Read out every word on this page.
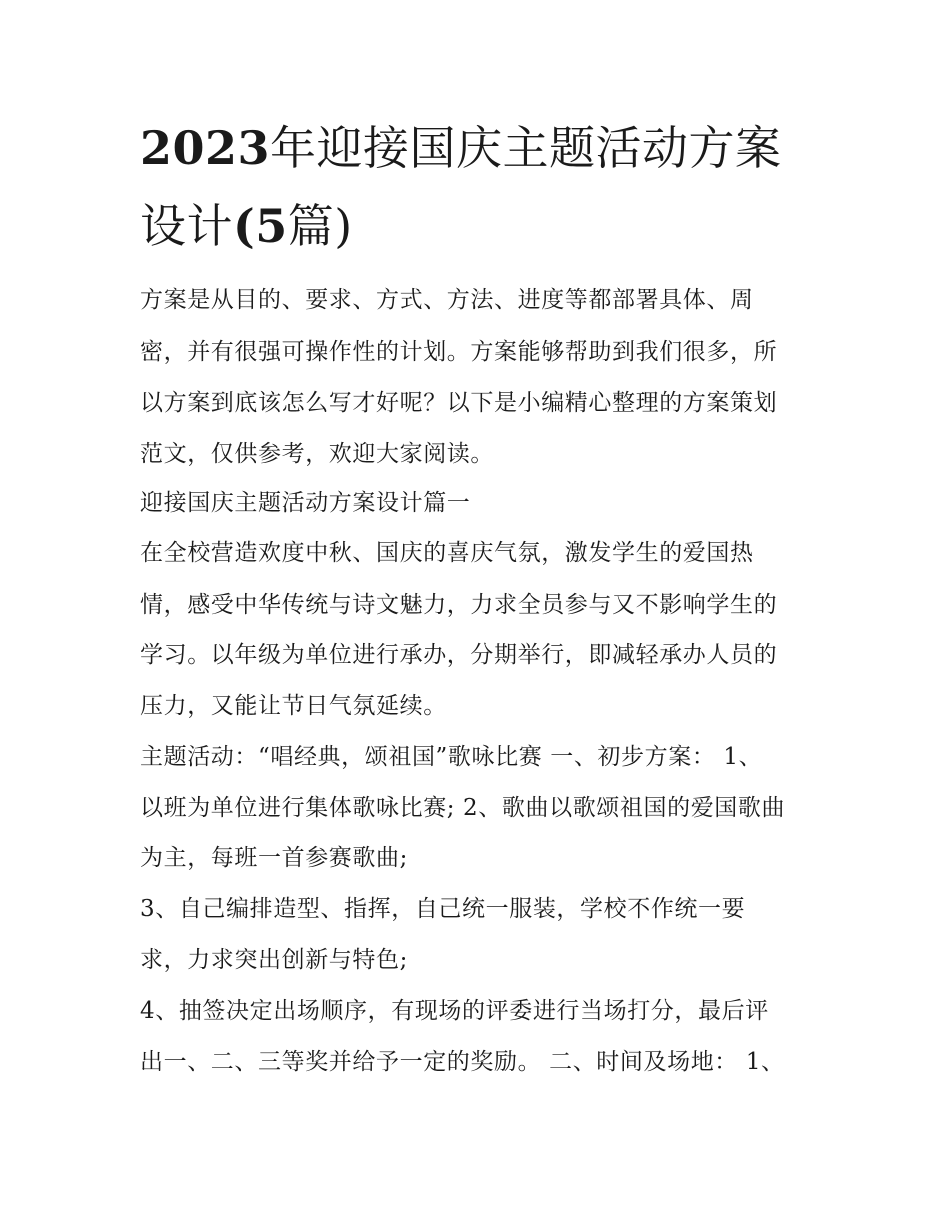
2023年迎接国庆主题活动方案
设计(5篇)
方案是从目的、要求、方式、方法、进度等都部署具体、周
密，并有很强可操作性的计划。方案能够帮助到我们很多，所
以方案到底该怎么写才好呢？以下是小编精心整理的方案策划
范文，仅供参考，欢迎大家阅读。
迎接国庆主题活动方案设计篇一
在全校营造欢度中秋、国庆的喜庆气氛，激发学生的爱国热
情，感受中华传统与诗文魅力，力求全员参与又不影响学生的
学习。以年级为单位进行承办，分期举行，即减轻承办人员的
压力，又能让节日气氛延续。
主题活动：“唱经典，颂祖国”歌咏比赛 一、初步方案： 1、
以班为单位进行集体歌咏比赛; 2、歌曲以歌颂祖国的爱国歌曲
为主，每班一首参赛歌曲;
3、自己编排造型、指挥，自己统一服装，学校不作统一要
求，力求突出创新与特色;
4、抽签决定出场顺序，有现场的评委进行当场打分，最后评
出一、二、三等奖并给予一定的奖励。 二、时间及场地： 1、
